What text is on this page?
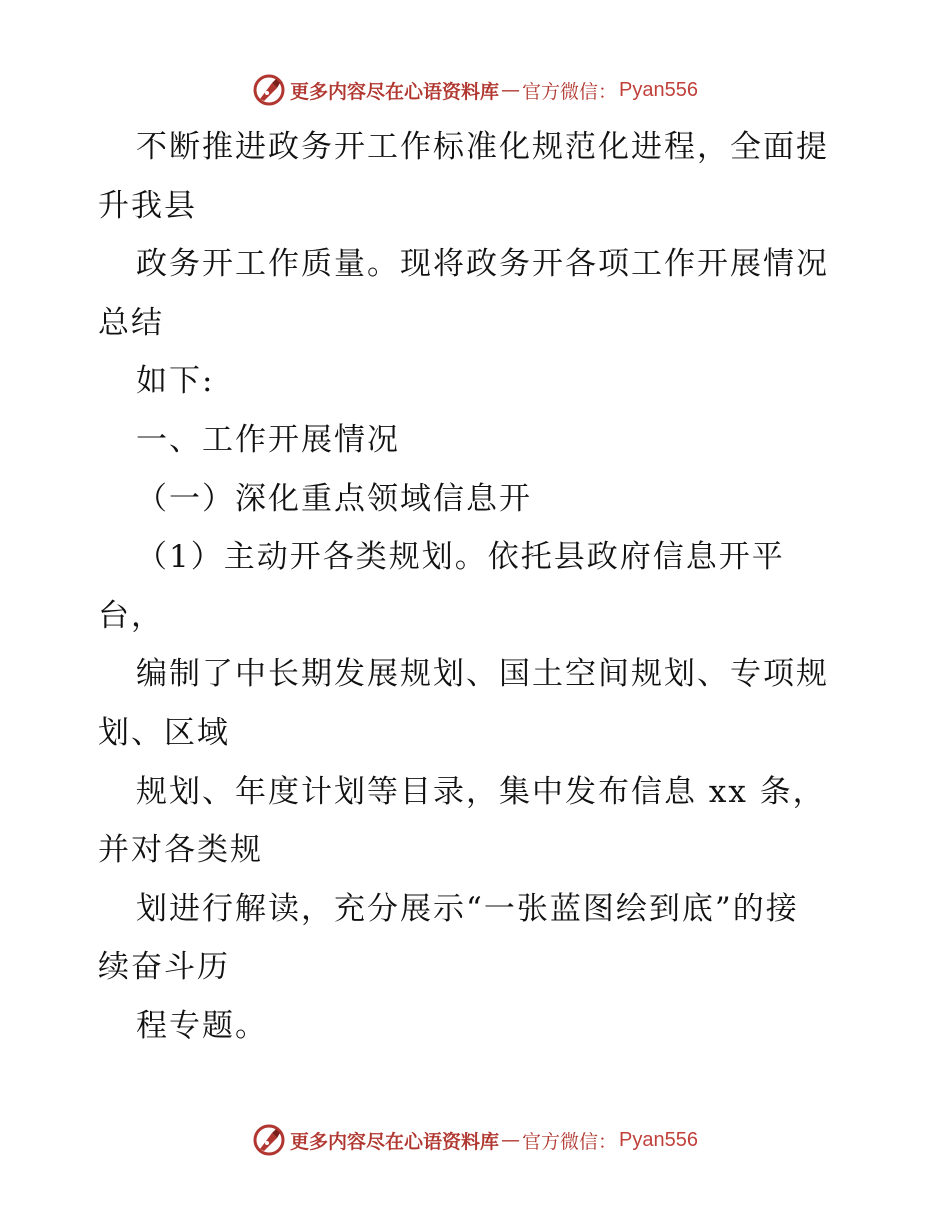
更多内容尽在心语资料库 — 官方微信： Pyan556
不断推进政务开工作标准化规范化进程，全面提
升我县
政务开工作质量。现将政务开各项工作开展情况
总结
如下:
一、工作开展情况
（一）深化重点领域信息开
（1）主动开各类规划。依托县政府信息开平
台，
编制了中长期发展规划、国土空间规划、专项规
划、区域
规划、年度计划等目录，集中发布信息 xx 条，
并对各类规
划进行解读，充分展示“一张蓝图绘到底”的接
续奋斗历
程专题。
更多内容尽在心语资料库 — 官方微信： Pyan556
